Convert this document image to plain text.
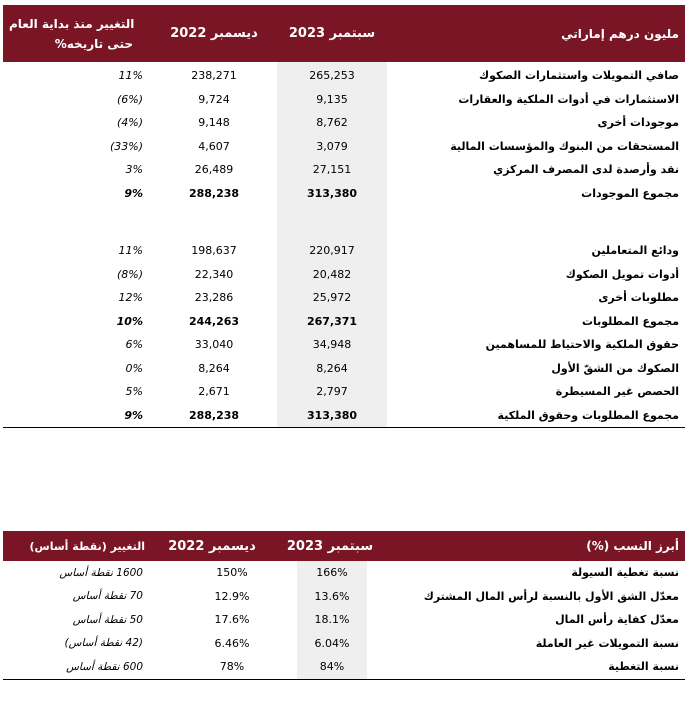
مليون درهم إماراتي
سبتمبر 2023
ديسمبر 2022
التغيير منذ بداية العام
حتى تاريخه%
صافي التمويلات واستثمارات الصكوك
265,253
238,271
11%
الاستثمارات في أدوات الملكية والعقارات
9,135
9,724
(6%)
موجودات أخرى
8,762
9,148
(4%)
المستحقات من البنوك والمؤسسات المالية
3,079
4,607
(33%)
نقد وأرصدة لدى المصرف المركزي
27,151
26,489
3%
مجموع الموجودات
313,380
288,238
9%
ودائع المتعاملين
220,917
198,637
11%
أدوات تمويل الصكوك
20,482
22,340
(8%)
مطلوبات أخرى
25,972
23,286
12%
مجموع المطلوبات
267,371
244,263
10%
حقوق الملكية والاحتياط للمساهمين
34,948
33,040
6%
الصكوك من الشقّ الأول
8,264
8,264
0%
الحصص غير المسيطرة
2,797
2,671
5%
مجموع المطلوبات وحقوق الملكية
313,380
288,238
9%
أبرز النسب (%)
سبتمبر 2023
ديسمبر 2022
التغيير (نقطة أساس)
نسبة تغطية السيولة
166%
150%
1600 نقطة أساس
معدّل الشق الأول بالنسبة لرأس المال المشترك
13.6%
12.9%
70 نقطة أساس
معدّل كفاية رأس المال
18.1%
17.6%
50 نقطة أساس
نسبة التمويلات غير العاملة
6.04%
6.46%
(42 نقطة أساس)
نسبة التغطية
84%
78%
600 نقطة أساس
